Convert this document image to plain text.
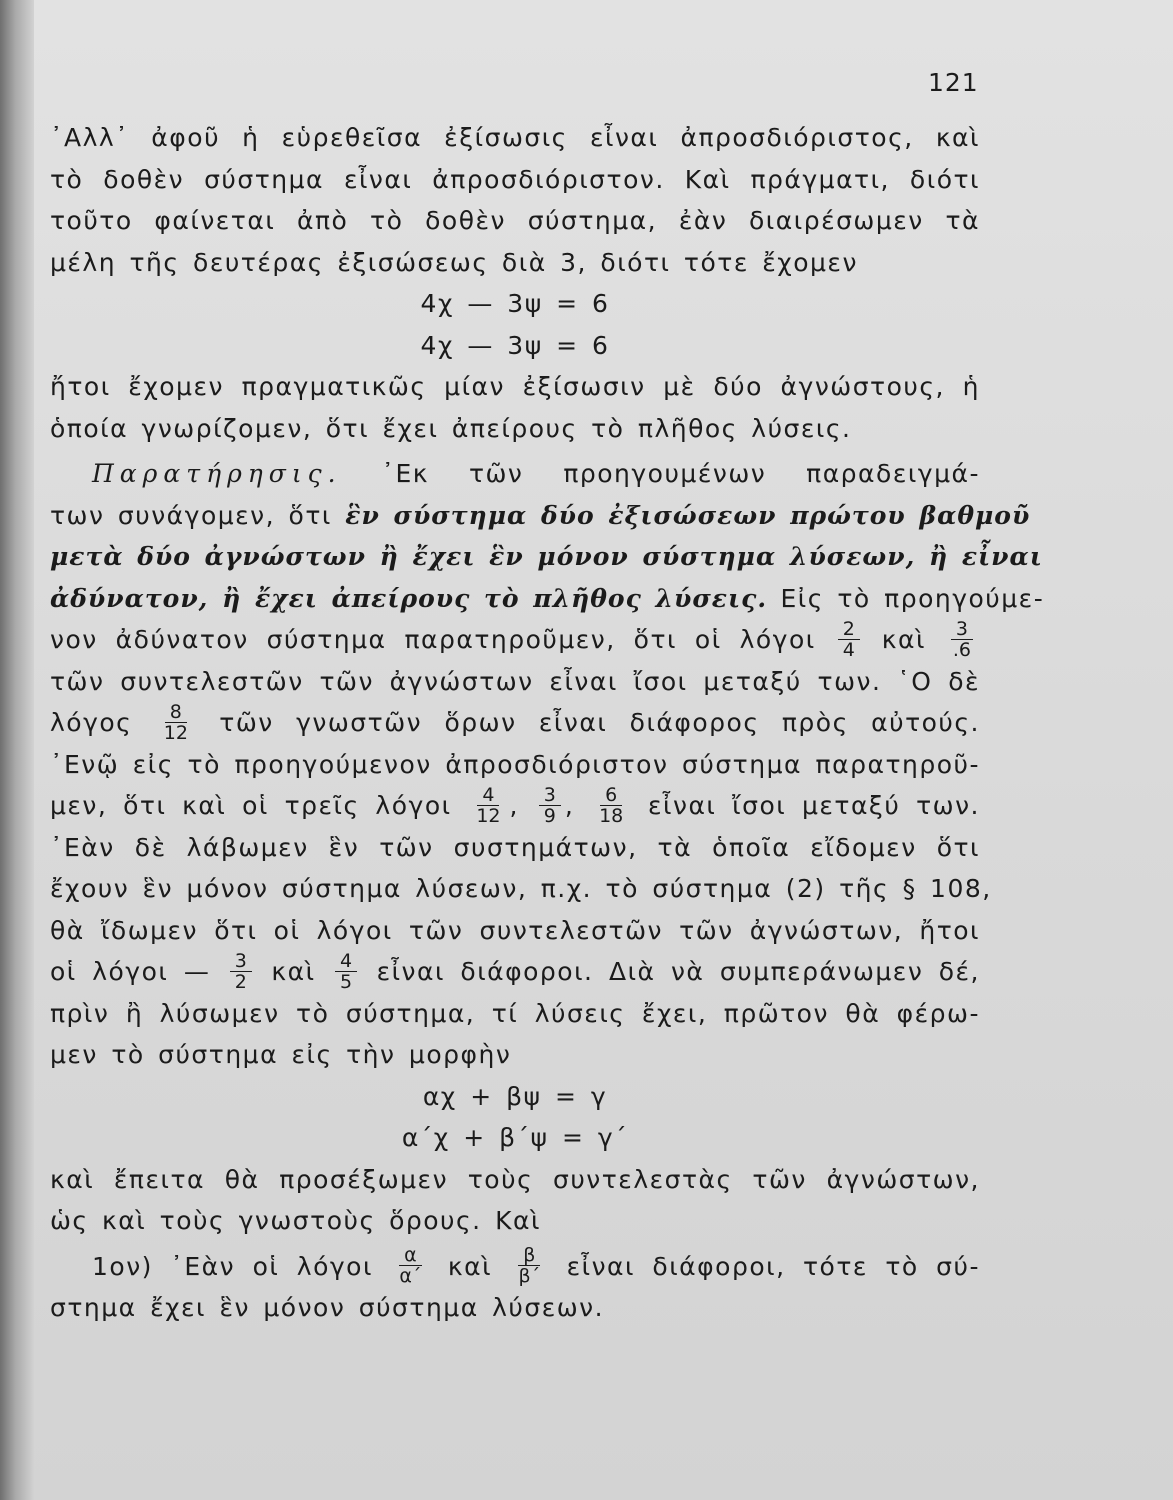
121
᾿Αλλ᾿ ἀφοῦ ἡ εὑρεθεῖσα ἐξίσωσις εἶναι ἀπροσδιόριστος, καὶ
τὸ δοθὲν σύστημα εἶναι ἀπροσδιόριστον. Καὶ πράγματι, διότι
τοῦτο φαίνεται ἀπὸ τὸ δοθὲν σύστημα, ἐὰν διαιρέσωμεν τὰ
μέλη τῆς δευτέρας ἐξισώσεως διὰ 3, διότι τότε ἔχομεν
4χ — 3ψ = 6
4χ — 3ψ = 6
ἤτοι ἔχομεν πραγματικῶς μίαν ἐξίσωσιν μὲ δύο ἀγνώστους, ἡ
ὁποία γνωρίζομεν, ὅτι ἔχει ἀπείρους τὸ πλῆθος λύσεις.
Παρατήρησις. ᾿Εκ τῶν προηγουμένων παραδειγμά-
των συνάγομεν, ὅτι ἓν σύστημα δύο ἐξισώσεων πρώτου βαθμοῦ
μετὰ δύο ἀγνώστων ἢ ἔχει ἓν μόνον σύστημα λύσεων, ἢ εἶναι
ἀδύνατον, ἢ ἔχει ἀπείρους τὸ πλῆθος λύσεις. Εἰς τὸ προηγούμε-
νον ἀδύνατον σύστημα παρατηροῦμεν, ὅτι οἱ λόγοι $\frac{2}{4}$ καὶ $\frac{3}{.6}$
τῶν συντελεστῶν τῶν ἀγνώστων εἶναι ἴσοι μεταξύ των. ῾Ο δὲ
λόγος $\frac{8}{12}$ τῶν γνωστῶν ὅρων εἶναι διάφορος πρὸς αὐτούς.
᾿Ενῷ εἰς τὸ προηγούμενον ἀπροσδιόριστον σύστημα παρατηροῦ-
μεν, ὅτι καὶ οἱ τρεῖς λόγοι $\frac{4}{12}$ , $\frac{3}{9}$ , $\frac{6}{18}$ εἶναι ἴσοι μεταξύ των.
᾿Εὰν δὲ λάβωμεν ἓν τῶν συστημάτων, τὰ ὁποῖα εἴδομεν ὅτι
ἔχουν ἓν μόνον σύστημα λύσεων, π.χ. τὸ σύστημα (2) τῆς § 108,
θὰ ἴδωμεν ὅτι οἱ λόγοι τῶν συντελεστῶν τῶν ἀγνώστων, ἤτοι
οἱ λόγοι — $\frac{3}{2}$ καὶ $\frac{4}{5}$ εἶναι διάφοροι. Διὰ νὰ συμπεράνωμεν δέ,
πρὶν ἢ λύσωμεν τὸ σύστημα, τί λύσεις ἔχει, πρῶτον θὰ φέρω-
μεν τὸ σύστημα εἰς τὴν μορφὴν
αχ + βψ = γ
α΄χ + β΄ψ = γ΄
καὶ ἔπειτα θὰ προσέξωμεν τοὺς συντελεστὰς τῶν ἀγνώστων,
ὡς καὶ τοὺς γνωστοὺς ὅρους. Καὶ
1ον) ᾿Εὰν οἱ λόγοι $\frac{\alpha}{\alpha΄}$ καὶ $\frac{\beta}{\beta΄}$ εἶναι διάφοροι, τότε τὸ σύ-
στημα ἔχει ἓν μόνον σύστημα λύσεων.
